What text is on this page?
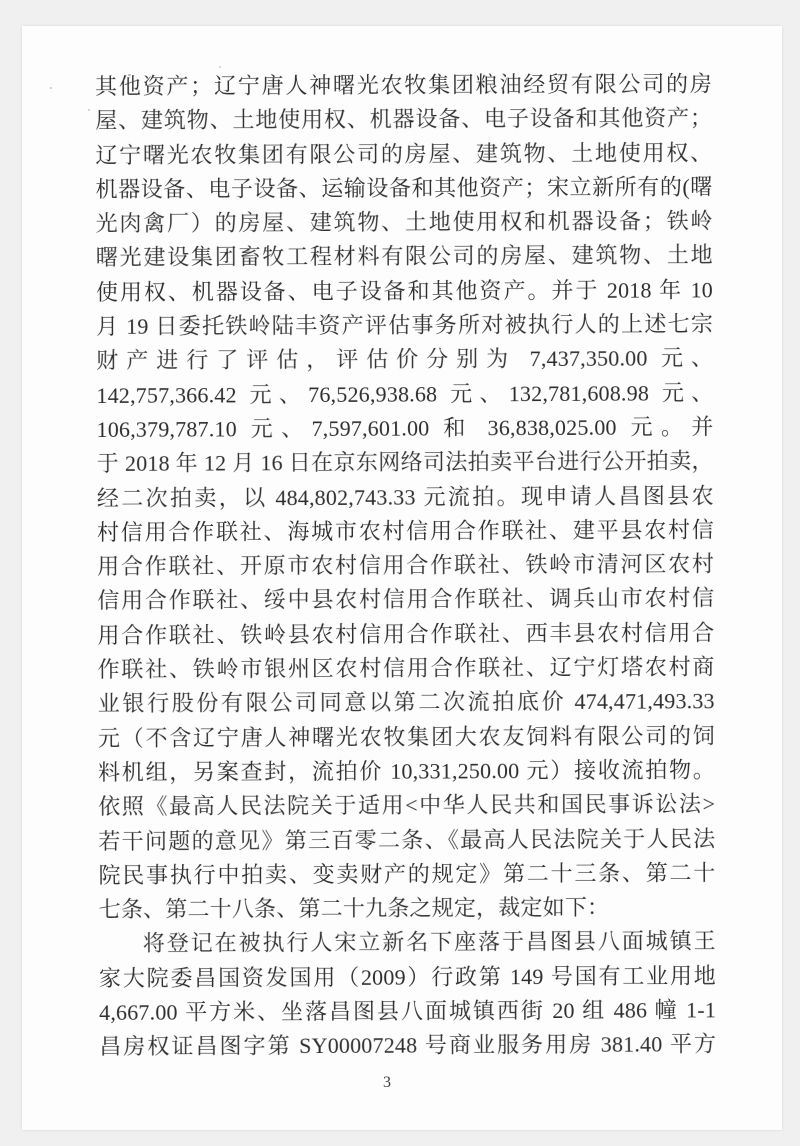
其他资产；辽宁唐人神曙光农牧集团粮油经贸有限公司的房
屋、建筑物、土地使用权、机器设备、电子设备和其他资产；
辽宁曙光农牧集团有限公司的房屋、建筑物、土地使用权、
机器设备、电子设备、运输设备和其他资产；宋立新所有的(曙
光肉禽厂）的房屋、建筑物、土地使用权和机器设备；铁岭
曙光建设集团畜牧工程材料有限公司的房屋、建筑物、土地
使用权、机器设备、电子设备和其他资产。并于 2018 年 10
月 19 日委托铁岭陆丰资产评估事务所对被执行人的上述七宗
财产进行了评估，评估价分别为 7,437,350.00 元、
142,757,366.42 元、76,526,938.68 元、132,781,608.98 元、
106,379,787.10 元、7,597,601.00 和 36,838,025.00 元。并
于 2018 年 12 月 16 日在京东网络司法拍卖平台进行公开拍卖，
经二次拍卖，以 484,802,743.33 元流拍。现申请人昌图县农
村信用合作联社、海城市农村信用合作联社、建平县农村信
用合作联社、开原市农村信用合作联社、铁岭市清河区农村
信用合作联社、绥中县农村信用合作联社、调兵山市农村信
用合作联社、铁岭县农村信用合作联社、西丰县农村信用合
作联社、铁岭市银州区农村信用合作联社、辽宁灯塔农村商
业银行股份有限公司同意以第二次流拍底价 474,471,493.33
元（不含辽宁唐人神曙光农牧集团大农友饲料有限公司的饲
料机组，另案查封，流拍价 10,331,250.00 元）接收流拍物。
依照《最高人民法院关于适用<中华人民共和国民事诉讼法>
若干问题的意见》第三百零二条、《最高人民法院关于人民法
院民事执行中拍卖、变卖财产的规定》第二十三条、第二十
七条、第二十八条、第二十九条之规定，裁定如下：
将登记在被执行人宋立新名下座落于昌图县八面城镇王
家大院委昌国资发国用（2009）行政第 149 号国有工业用地
4,667.00 平方米、坐落昌图县八面城镇西街 20 组 486 幢 1-1
昌房权证昌图字第 SY00007248 号商业服务用房 381.40 平方
3
